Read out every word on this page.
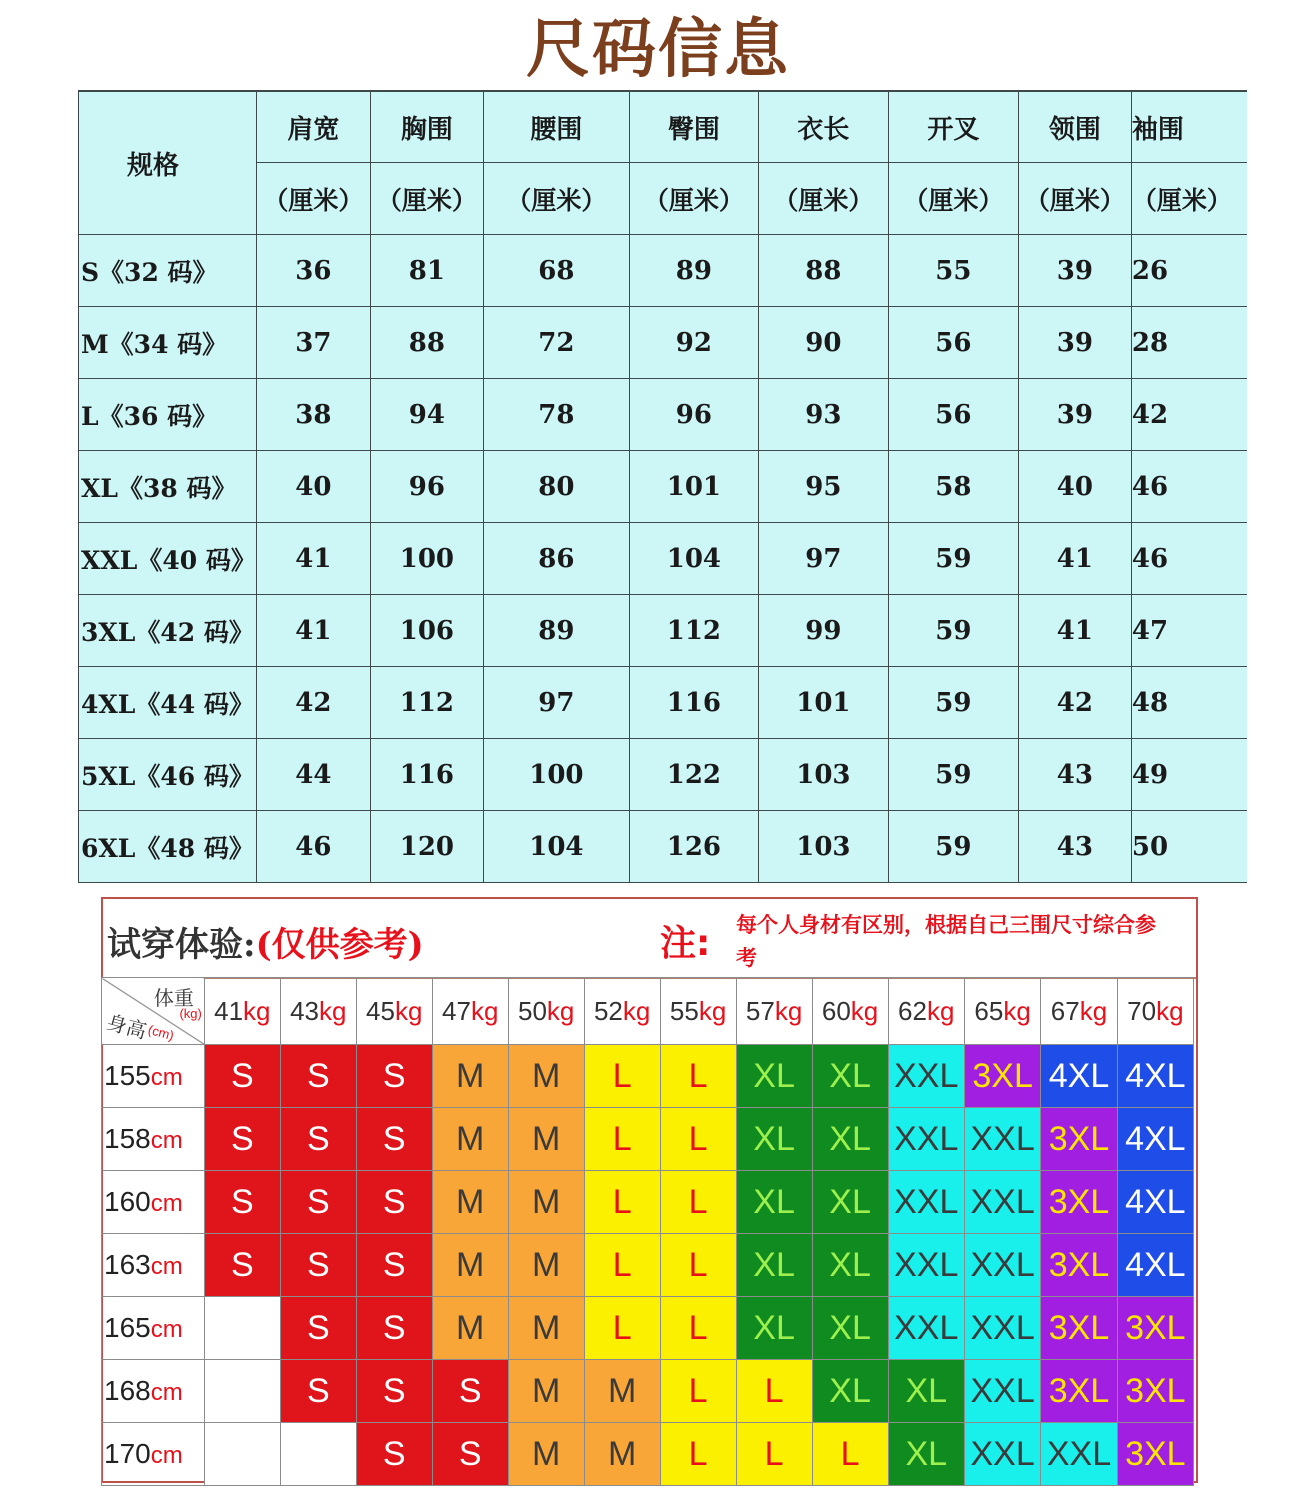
尺码信息
规格	肩宽	胸围	腰围	臀围	衣长	开叉	领围	袖围
	（厘米）	（厘米）	（厘米）	（厘米）	（厘米）	（厘米）	（厘米）	（厘米）
S《32 码》	36	81	68	89	88	55	39	26
M《34 码》	37	88	72	92	90	56	39	28
L《36 码》	38	94	78	96	93	56	39	42
XL《38 码》	40	96	80	101	95	58	40	46
XXL《40 码》	41	100	86	104	97	59	41	46
3XL《42 码》	41	106	89	112	99	59	41	47
4XL《44 码》	42	112	97	116	101	59	42	48
5XL《46 码》	44	116	100	122	103	59	43	49
6XL《48 码》	46	120	104	126	103	59	43	50
试穿体验:(仅供参考)	注: 每个人身材有区别，根据自己三围尺寸综合参考
体重
(kg)
身高
(cm)	41kg	43kg	45kg	47kg	50kg	52kg	55kg	57kg	60kg	62kg	65kg	67kg	70kg
155cm	S	S	S	M	M	L	L	XL	XL	XXL	3XL	4XL	4XL
158cm	S	S	S	M	M	L	L	XL	XL	XXL	XXL	3XL	4XL
160cm	S	S	S	M	M	L	L	XL	XL	XXL	XXL	3XL	4XL
163cm	S	S	S	M	M	L	L	XL	XL	XXL	XXL	3XL	4XL
165cm		S	S	M	M	L	L	XL	XL	XXL	XXL	3XL	3XL
168cm		S	S	S	M	M	L	L	XL	XL	XXL	3XL	3XL
170cm			S	S	M	M	L	L	L	XL	XXL	XXL	3XL
